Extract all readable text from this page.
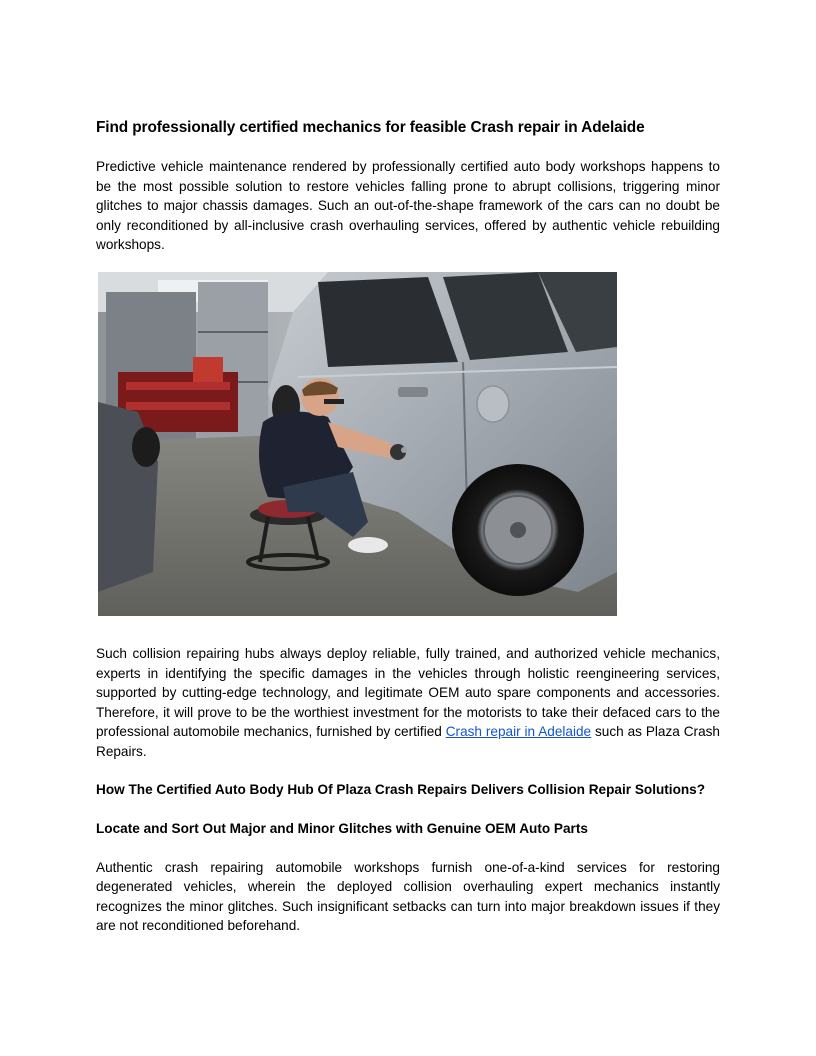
Find professionally certified mechanics for feasible Crash repair in Adelaide

Predictive vehicle maintenance rendered by professionally certified auto body workshops happens to be the most possible solution to restore vehicles falling prone to abrupt collisions, triggering minor glitches to major chassis damages. Such an out-of-the-shape framework of the cars can no doubt be only reconditioned by all-inclusive crash overhauling services, offered by authentic vehicle rebuilding workshops.

Such collision repairing hubs always deploy reliable, fully trained, and authorized vehicle mechanics, experts in identifying the specific damages in the vehicles through holistic reengineering services, supported by cutting-edge technology, and legitimate OEM auto spare components and accessories. Therefore, it will prove to be the worthiest investment for the motorists to take their defaced cars to the professional automobile mechanics, furnished by certified Crash repair in Adelaide such as Plaza Crash Repairs.

How The Certified Auto Body Hub Of Plaza Crash Repairs Delivers Collision Repair Solutions?
Locate and Sort Out Major and Minor Glitches with Genuine OEM Auto Parts

Authentic crash repairing automobile workshops furnish one-of-a-kind services for restoring degenerated vehicles, wherein the deployed collision overhauling expert mechanics instantly recognizes the minor glitches. Such insignificant setbacks can turn into major breakdown issues if they are not reconditioned beforehand.
